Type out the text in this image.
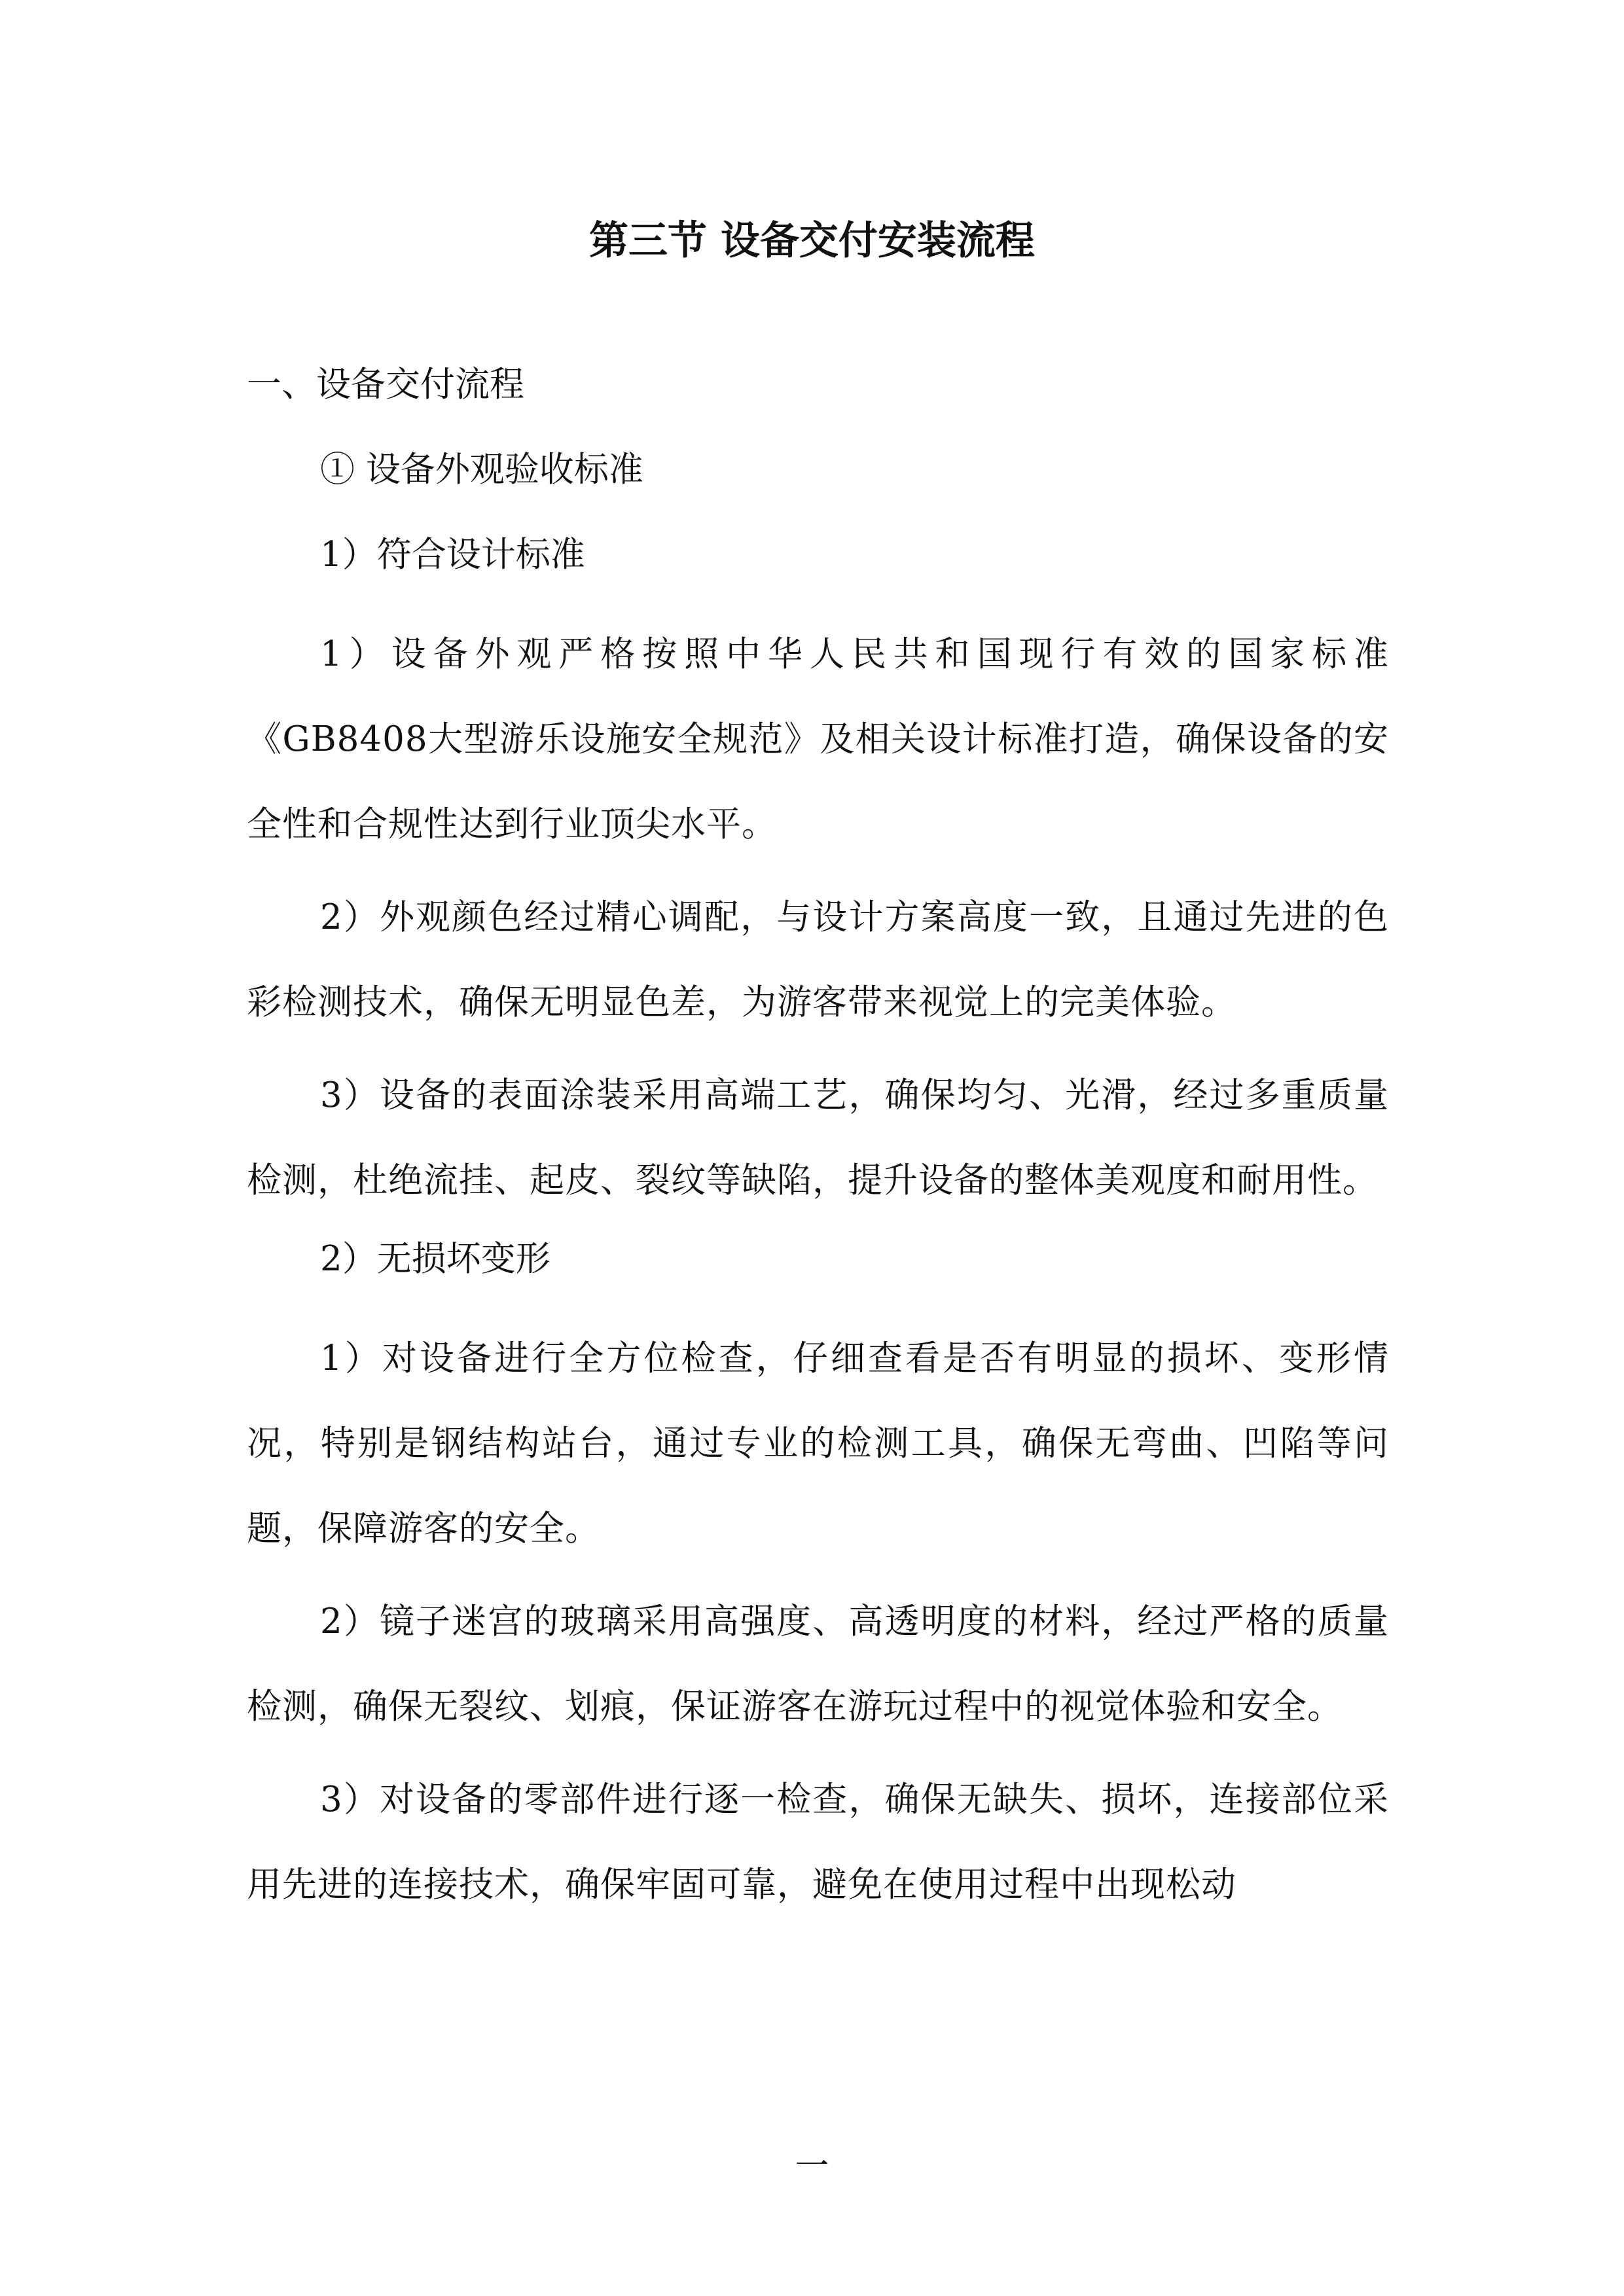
第三节 设备交付安装流程

一、设备交付流程

① 设备外观验收标准

1）符合设计标准

1）设备外观严格按照中华人民共和国现行有效的国家标准《GB8408大型游乐设施安全规范》及相关设计标准打造，确保设备的安全性和合规性达到行业顶尖水平。

2）外观颜色经过精心调配，与设计方案高度一致，且通过先进的色彩检测技术，确保无明显色差，为游客带来视觉上的完美体验。

3）设备的表面涂装采用高端工艺，确保均匀、光滑，经过多重质量检测，杜绝流挂、起皮、裂纹等缺陷，提升设备的整体美观度和耐用性。

2）无损坏变形

1）对设备进行全方位检查，仔细查看是否有明显的损坏、变形情况，特别是钢结构站台，通过专业的检测工具，确保无弯曲、凹陷等问题，保障游客的安全。

2）镜子迷宫的玻璃采用高强度、高透明度的材料，经过严格的质量检测，确保无裂纹、划痕，保证游客在游玩过程中的视觉体验和安全。

3）对设备的零部件进行逐一检查，确保无缺失、损坏，连接部位采用先进的连接技术，确保牢固可靠，避免在使用过程中出现松动

一
